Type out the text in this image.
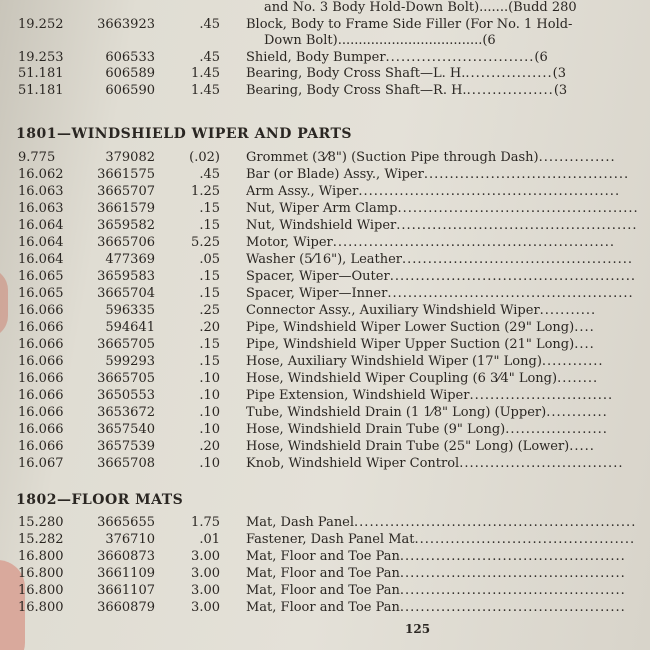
and No. 3 Body Hold-Down Bolt).......(Budd 280
19.252	3663923	.45 Block, Body to Frame Side Filler (For No. 1 Hold-
Down Bolt)...................................(6
19.253	606533	.45 Shield, Body Bumper.............................(6
51.181	606589	1.45 Bearing, Body Cross Shaft—L. H..................(3
51.181	606590	1.45 Bearing, Body Cross Shaft—R. H..................(3
1801—WINDSHIELD WIPER AND PARTS
9.775	379082	(.02) Grommet (3⁄8") (Suction Pipe through Dash)...............
16.062	3661575	.45 Bar (or Blade) Assy., Wiper........................................
16.063	3665707	1.25 Arm Assy., Wiper...................................................
16.063	3661579	.15 Nut, Wiper Arm Clamp...............................................
16.064	3659582	.15 Nut, Windshield Wiper...............................................
16.064	3665706	5.25 Motor, Wiper.......................................................
16.064	477369	.05 Washer (5⁄16"), Leather.............................................
16.065	3659583	.15 Spacer, Wiper—Outer................................................
16.065	3665704	.15 Spacer, Wiper—Inner................................................
16.066	596335	.25 Connector Assy., Auxiliary Windshield Wiper...........
16.066	594641	.20 Pipe, Windshield Wiper Lower Suction (29" Long)....
16.066	3665705	.15 Pipe, Windshield Wiper Upper Suction (21" Long)....
16.066	599293	.15 Hose, Auxiliary Windshield Wiper (17" Long)............
16.066	3665705	.10 Hose, Windshield Wiper Coupling (6 3⁄4" Long)........
16.066	3650553	.10 Pipe Extension, Windshield Wiper............................
16.066	3653672	.10 Tube, Windshield Drain (1 1⁄8" Long) (Upper)............
16.066	3657540	.10 Hose, Windshield Drain Tube (9" Long)....................
16.066	3657539	.20 Hose, Windshield Drain Tube (25" Long) (Lower).....
16.067	3665708	.10 Knob, Windshield Wiper Control................................
1802—FLOOR MATS
15.280	3665655	1.75 Mat, Dash Panel.......................................................
15.282	376710	.01 Fastener, Dash Panel Mat...........................................
16.800	3660873	3.00 Mat, Floor and Toe Pan............................................
16.800	3661109	3.00 Mat, Floor and Toe Pan............................................
16.800	3661107	3.00 Mat, Floor and Toe Pan............................................
16.800	3660879	3.00 Mat, Floor and Toe Pan............................................
125
